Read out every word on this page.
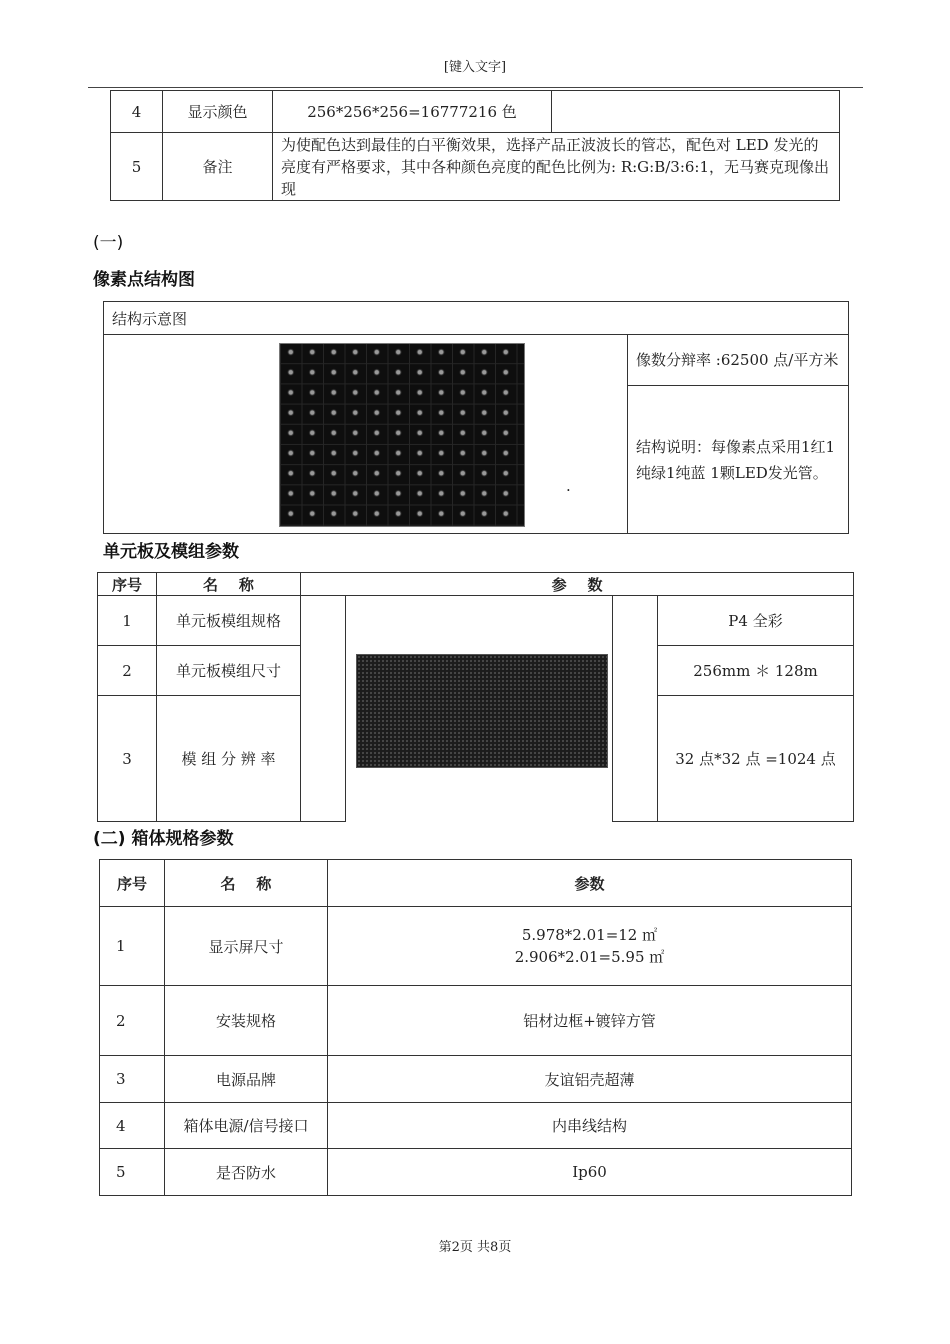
[键入文字]
4	显示颜色	256*256*256=16777216 色	
5	备注	为使配色达到最佳的白平衡效果，选择产品正波波长的管芯，配色对 LED 发光的亮度有严格要求，其中各种颜色亮度的配色比例为: R:G:B/3:6:1，无马赛克现像出现	
(一)
像素点结构图
结构示意图

.
	像数分辩率 :62500 点/平方米
结构说明：每像素点采用1红1纯绿1纯蓝 1颗LED发光管。
单元板及模组参数
序号	名    称	参    数			
1	单元板模组规格				P4 全彩
2	单元板模组尺寸				256mm ＊ 128m
3	模 组 分 辨 率				32 点*32 点 =1024 点
(二) 箱体规格参数
序号	名    称	参数
1	显示屏尺寸	5.978*2.01=12 ㎡
2.906*2.01=5.95 ㎡

2	安装规格	铝材边框+镀锌方管
3	电源品牌	友谊铝壳超薄
4	箱体电源/信号接口	内串线结构
5	是否防水	Ip60
第2页 共8页
